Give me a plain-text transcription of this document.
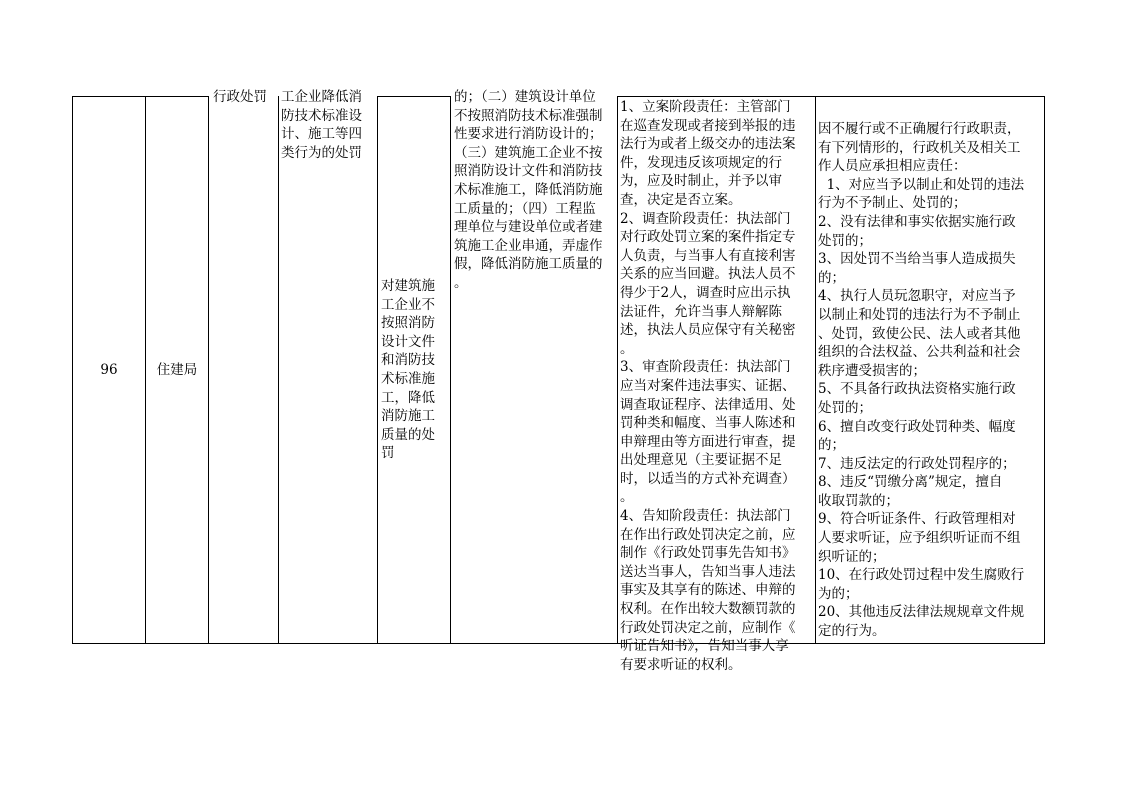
96	住建局
行政处罚	工企业降低消
防技术标准设
计、施工等四
类行为的处罚
对建筑施
工企业不
按照消防
设计文件
和消防技
术标准施
工，降低
消防施工
质量的处
罚
的；（二）建筑设计单位
不按照消防技术标准强制
性要求进行消防设计的；
（三）建筑施工企业不按
照消防设计文件和消防技
术标准施工，降低消防施
工质量的；（四）工程监
理单位与建设单位或者建
筑施工企业串通，弄虚作
假，降低消防施工质量的
。
1、立案阶段责任：主管部门
在巡查发现或者接到举报的违
法行为或者上级交办的违法案
件，发现违反该项规定的行
为，应及时制止，并予以审
查，决定是否立案。
2、调查阶段责任：执法部门
对行政处罚立案的案件指定专
人负责，与当事人有直接利害
关系的应当回避。执法人员不
得少于2人，调查时应出示执
法证件，允许当事人辩解陈
述，执法人员应保守有关秘密
。
3、审查阶段责任：执法部门
应当对案件违法事实、证据、
调查取证程序、法律适用、处
罚种类和幅度、当事人陈述和
申辩理由等方面进行审查，提
出处理意见（主要证据不足
时，以适当的方式补充调查）
。
4、告知阶段责任：执法部门
在作出行政处罚决定之前，应
制作《行政处罚事先告知书》
送达当事人，告知当事人违法
事实及其享有的陈述、申辩的
权利。在作出较大数额罚款的
行政处罚决定之前，应制作《
听证告知书》，告知当事人享
有要求听证的权利。
因不履行或不正确履行行政职责，
有下列情形的，行政机关及相关工
作人员应承担相应责任：
1、对应当予以制止和处罚的违法
行为不予制止、处罚的；
2、没有法律和事实依据实施行政
处罚的；
3、因处罚不当给当事人造成损失
的；
4、执行人员玩忽职守，对应当予
以制止和处罚的违法行为不予制止
、处罚，致使公民、法人或者其他
组织的合法权益、公共利益和社会
秩序遭受损害的；
5、不具备行政执法资格实施行政
处罚的；
6、擅自改变行政处罚种类、幅度
的；
7、违反法定的行政处罚程序的；
8、违反“罚缴分离”规定，擅自
收取罚款的；
9、符合听证条件、行政管理相对
人要求听证，应予组织听证而不组
织听证的；
10、在行政处罚过程中发生腐败行
为的；
20、其他违反法律法规规章文件规
定的行为。
